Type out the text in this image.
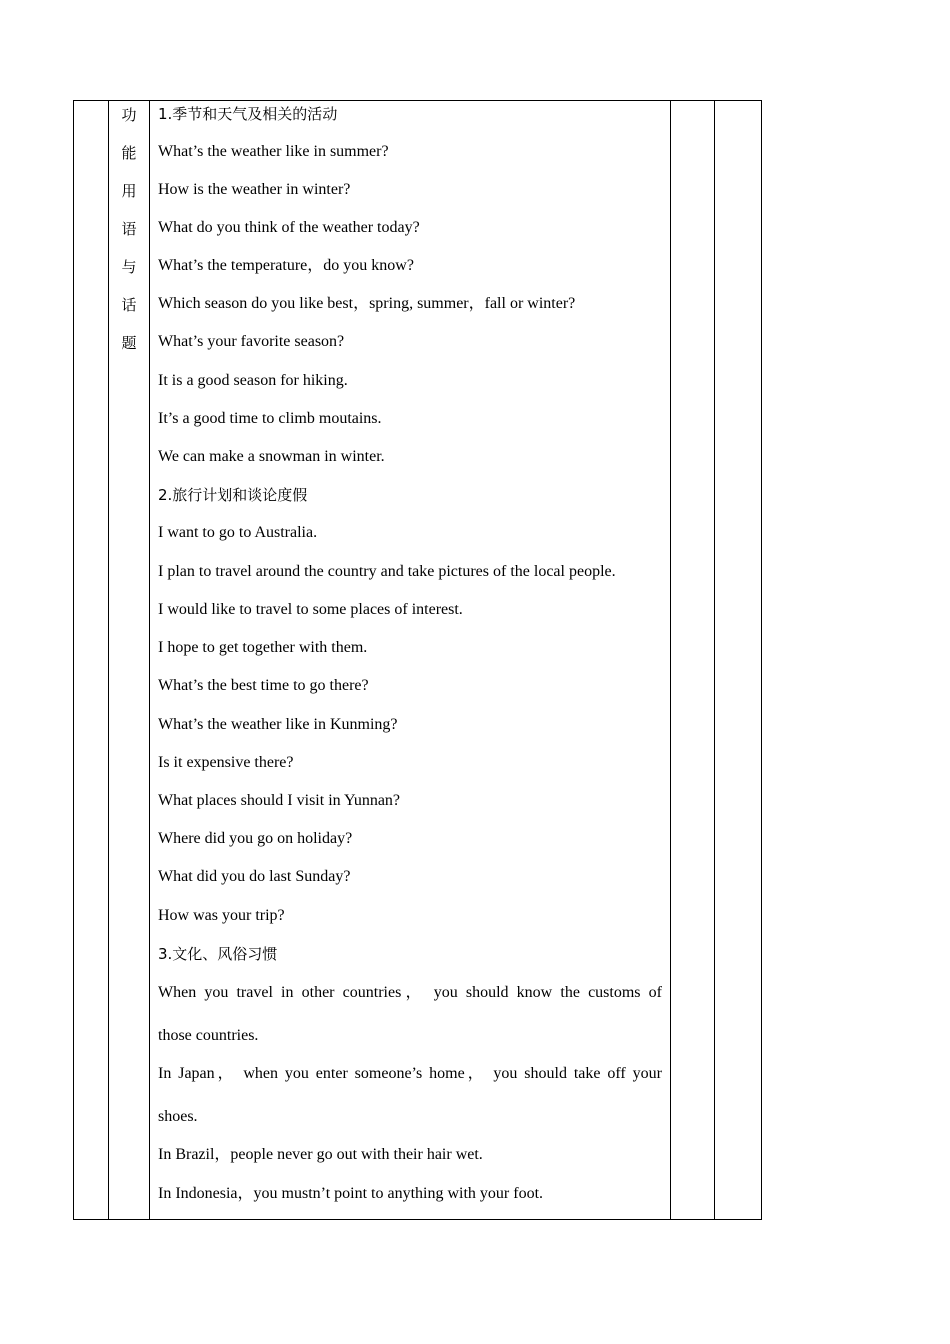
功
能
用
语
与
话
题
1.季节和天气及相关的活动
What’s the weather like in summer?
How is the weather in winter?
What do you think of the weather today?
What’s the temperature，do you know?
Which season do you like best，spring, summer，fall or winter?
What’s your favorite season?
It is a good season for hiking.
It’s a good time to climb moutains.
We can make a snowman in winter.
2.旅行计划和谈论度假
I want to go to Australia.
I plan to travel around the country and take pictures of the local people.
I would like to travel to some places of interest.
I hope to get together with them.
What’s the best time to go there?
What’s the weather like in Kunming?
Is it expensive there?
What places should I visit in Yunnan?
Where did you go on holiday?
What did you do last Sunday?
How was your trip?
3.文化、风俗习惯
When you travel in other countries， you should know the customs of
those countries.
In Japan， when you enter someone’s home， you should take off your
shoes.
In Brazil，people never go out with their hair wet.
In Indonesia，you mustn’t point to anything with your foot.
